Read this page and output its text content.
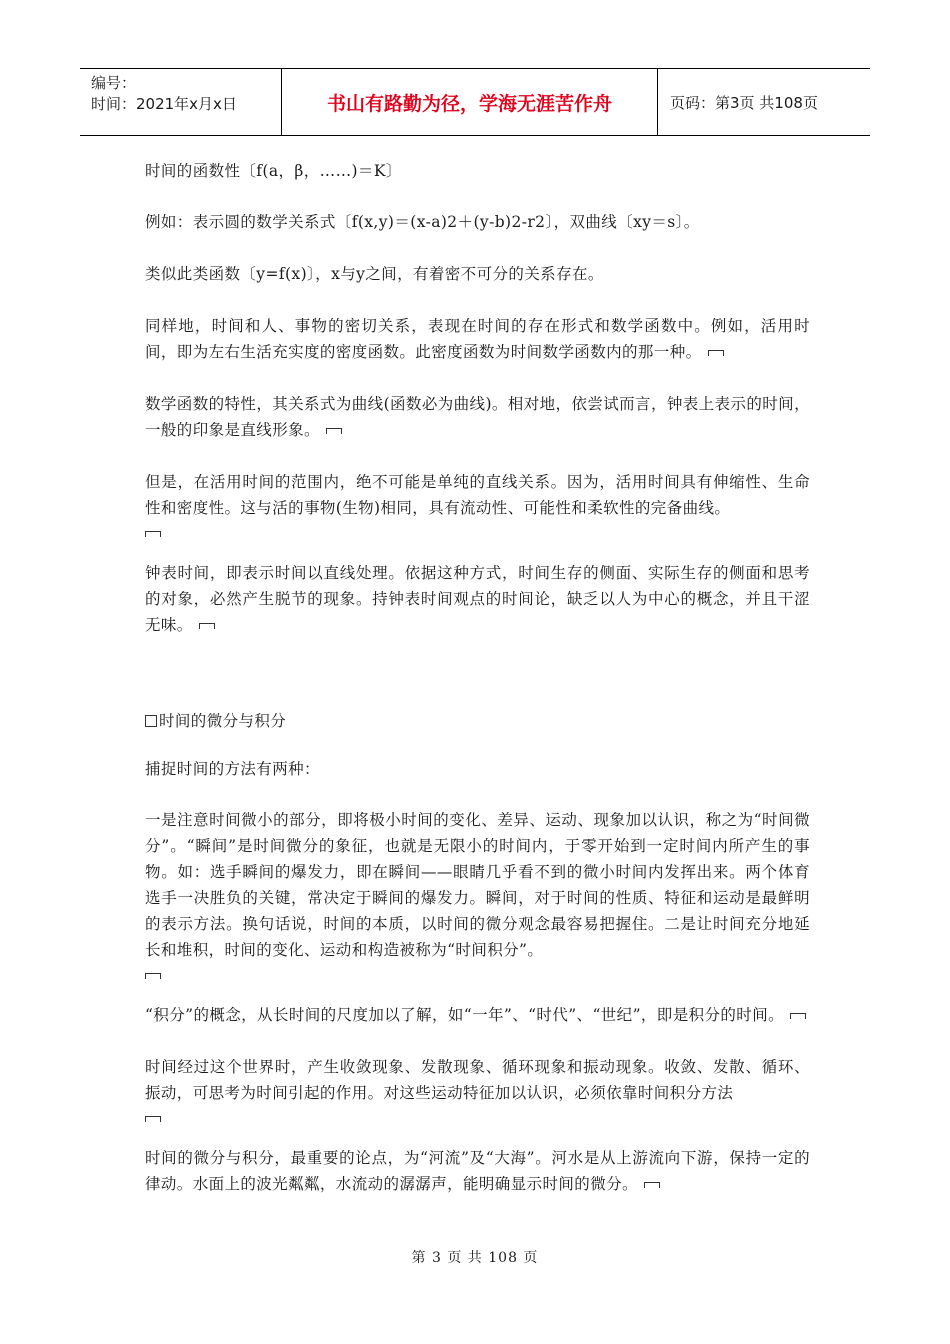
编号：
时间：2021年x月x日	书山有路勤为径，学海无涯苦作舟	页码：第3页 共108页

时间的函数性〔f(a，β，……)＝K〕

例如：表示圆的数学关系式〔f(x,y)＝(x-a)2＋(y-b)2-r2〕，双曲线〔xy＝s〕。

类似此类函数〔y=f(x)〕，x与y之间，有着密不可分的关系存在。

同样地，时间和人、事物的密切关系，表现在时间的存在形式和数学函数中。例如，活用时间，即为左右生活充实度的密度函数。此密度函数为时间数学函数内的那一种。

数学函数的特性，其关系式为曲线(函数必为曲线)。相对地，依尝试而言，钟表上表示的时间，一般的印象是直线形象。

但是，在活用时间的范围内，绝不可能是单纯的直线关系。因为，活用时间具有伸缩性、生命性和密度性。这与活的事物(生物)相同，具有流动性、可能性和柔软性的完备曲线。

钟表时间，即表示时间以直线处理。依据这种方式，时间生存的侧面、实际生存的侧面和思考的对象，必然产生脱节的现象。持钟表时间观点的时间论，缺乏以人为中心的概念，并且干涩无味。

时间的微分与积分

捕捉时间的方法有两种：

一是注意时间微小的部分，即将极小时间的变化、差异、运动、现象加以认识，称之为“时间微分”。“瞬间”是时间微分的象征，也就是无限小的时间内，于零开始到一定时间内所产生的事物。如：选手瞬间的爆发力，即在瞬间——眼睛几乎看不到的微小时间内发挥出来。两个体育选手一决胜负的关键，常决定于瞬间的爆发力。瞬间，对于时间的性质、特征和运动是最鲜明的表示方法。换句话说，时间的本质，以时间的微分观念最容易把握住。二是让时间充分地延长和堆积，时间的变化、运动和构造被称为“时间积分”。

“积分”的概念，从长时间的尺度加以了解，如“一年”、“时代”、“世纪”，即是积分的时间。

时间经过这个世界时，产生收敛现象、发散现象、循环现象和振动现象。收敛、发散、循环、振动，可思考为时间引起的作用。对这些运动特征加以认识，必须依靠时间积分方法

时间的微分与积分，最重要的论点，为“河流”及“大海”。河水是从上游流向下游，保持一定的律动。水面上的波光粼粼，水流动的潺潺声，能明确显示时间的微分。

第 3 页 共 108 页
